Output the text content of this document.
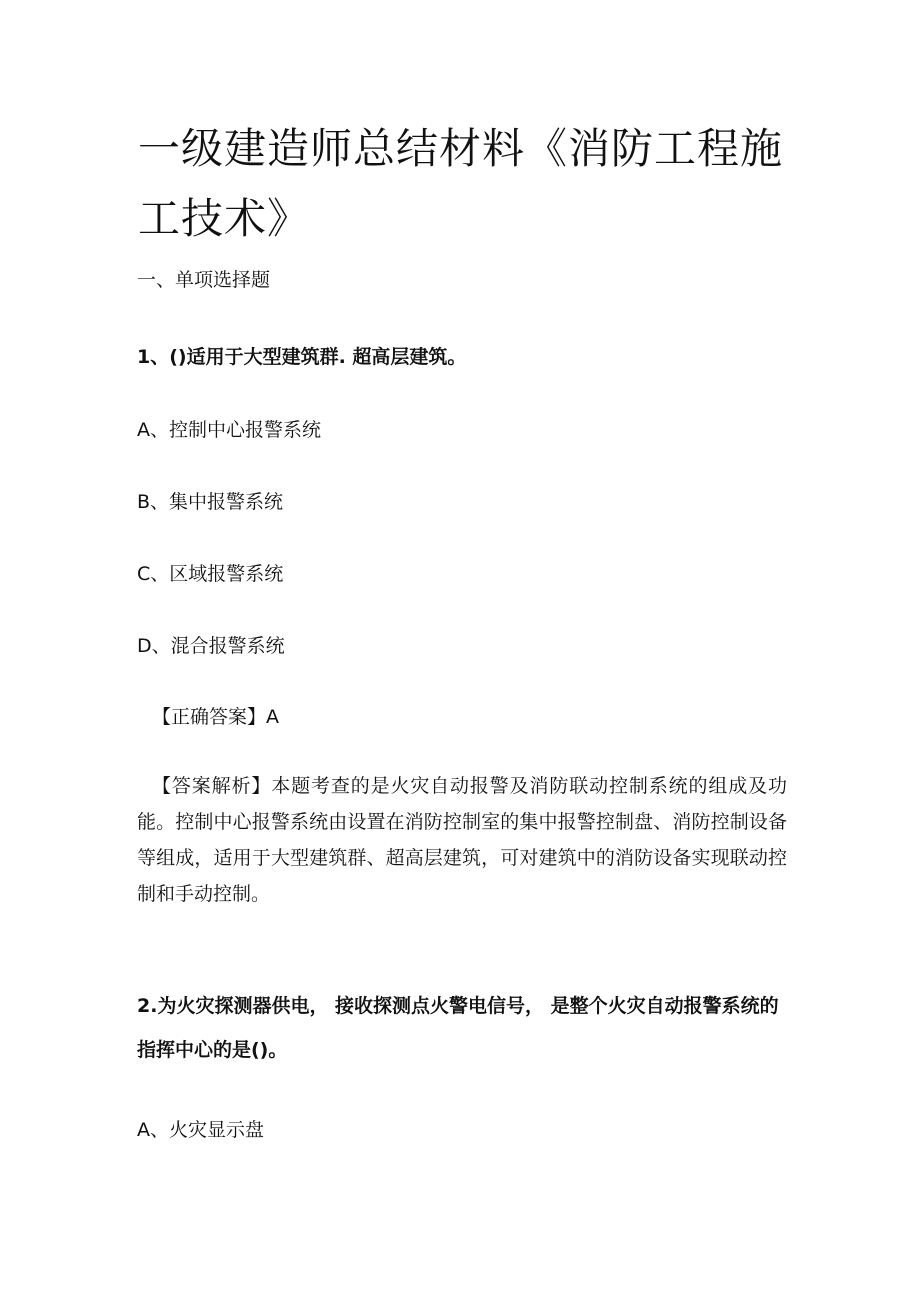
一级建造师总结材料《消防工程施工技术》

一、单项选择题

1、()适用于大型建筑群. 超高层建筑。

A、控制中心报警系统

B、集中报警系统

C、区域报警系统

D、混合报警系统

【正确答案】A

【答案解析】本题考查的是火灾自动报警及消防联动控制系统的组成及功能。控制中心报警系统由设置在消防控制室的集中报警控制盘、消防控制设备等组成，适用于大型建筑群、超高层建筑，可对建筑中的消防设备实现联动控制和手动控制。

2.为火灾探测器供电， 接收探测点火警电信号， 是整个火灾自动报警系统的指挥中心的是()。

A、火灾显示盘
